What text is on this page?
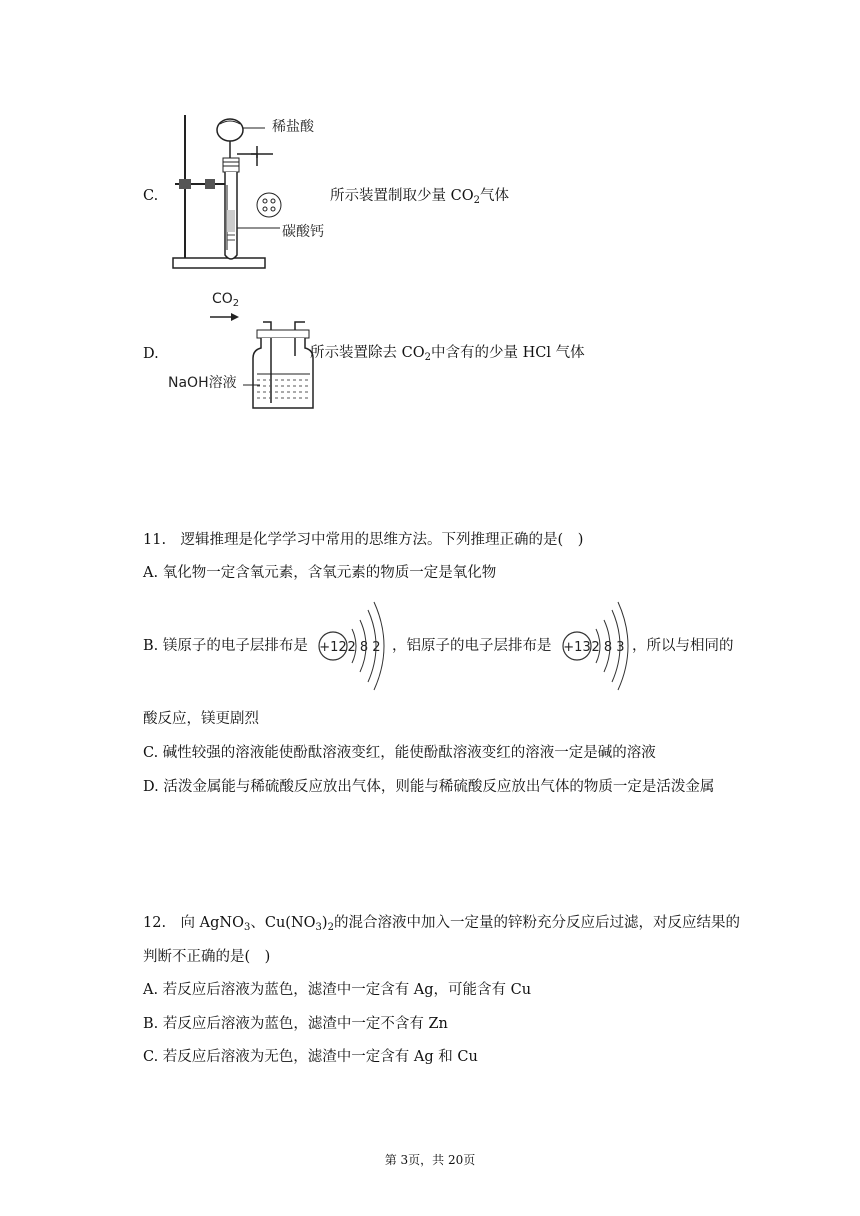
C.
稀盐酸
碳酸钙
所示装置制取少量 $CO_2$气体
D.
$CO_2$
NaOH溶液
所示装置除去 $CO_2$中含有的少量 HCl 气体
11.　逻辑推理是化学学习中常用的思维方法。下列推理正确的是(　)
A. 氧化物一定含氧元素，含氧元素的物质一定是氧化物
B. 镁原子的电子层排布是 +12 2 8 2 ，铝原子的电子层排布是 +13 2 8 3 ，所以与相同的
酸反应，镁更剧烈
C. 碱性较强的溶液能使酚酞溶液变红，能使酚酞溶液变红的溶液一定是碱的溶液
D. 活泼金属能与稀硫酸反应放出气体，则能与稀硫酸反应放出气体的物质一定是活泼金属
12.　向 AgNO$_3$、$Cu(NO_3)_2$的混合溶液中加入一定量的锌粉充分反应后过滤，对反应结果的
判断不正确的是(　)
A. 若反应后溶液为蓝色，滤渣中一定含有 Ag，可能含有 Cu
B. 若反应后溶液为蓝色，滤渣中一定不含有 Zn
C. 若反应后溶液为无色，滤渣中一定含有 Ag 和 Cu
第 3页，共 20页
